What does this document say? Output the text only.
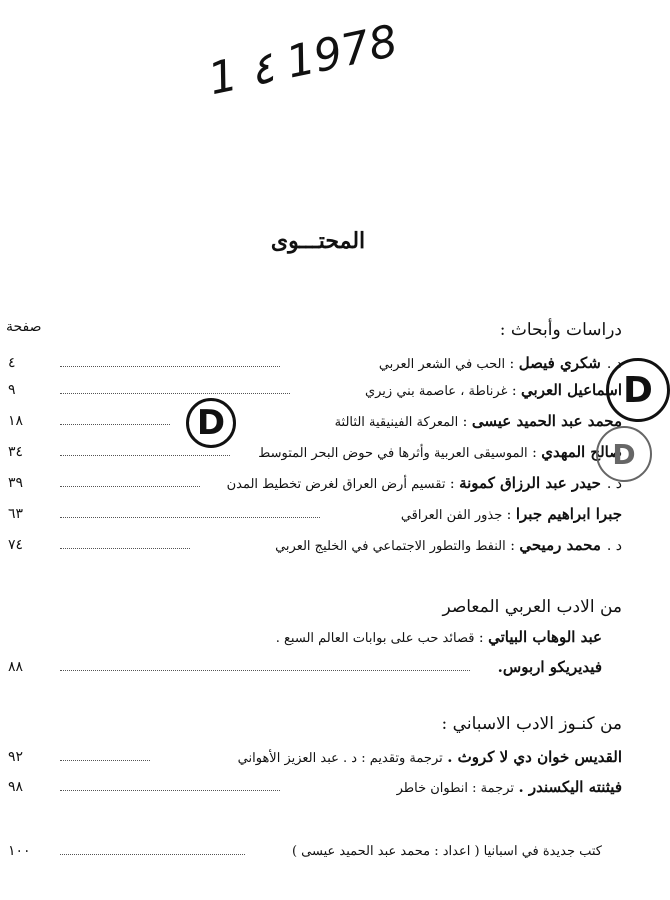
1 ٤ 1978
المحتـــوى
صفحة	دراسات وأبحاث :
من الادب العربي المعاصر
من كنـوز الادب الاسباني :
د .شكري فيصل : الحب في الشعر العربي
٤
اسماعيل العربي : غرناطة ، عاصمة بني زيري
٩
محمد عبد الحميد عيسى : المعركة الفينيقية الثالثة
١٨
صالح المهدي : الموسيقى العربية وأثرها في حوض البحر المتوسط
٣٤
د .حيدر عبد الرزاق كمونة : تقسيم أرض العراق لغرض تخطيط المدن
٣٩
جبرا ابراهيم جبرا : جذور الفن العراقي
٦٣
د .محمد رميحي : النفط والتطور الاجتماعي في الخليج العربي
٧٤
عبد الوهاب البياتي : قصائد حب على بوابات العالم السبع .
فيديريكو اربوس.
٨٨
القديس خوان دي لا كروث . ترجمة وتقديم : د . عبد العزيز الأهواني
٩٢
فيثنته اليكسندر . ترجمة : انطوان خاطر
٩٨
كتب جديدة في اسبانيا ( اعداد : محمد عبد الحميد عيسى )
١٠٠
D
D
D
